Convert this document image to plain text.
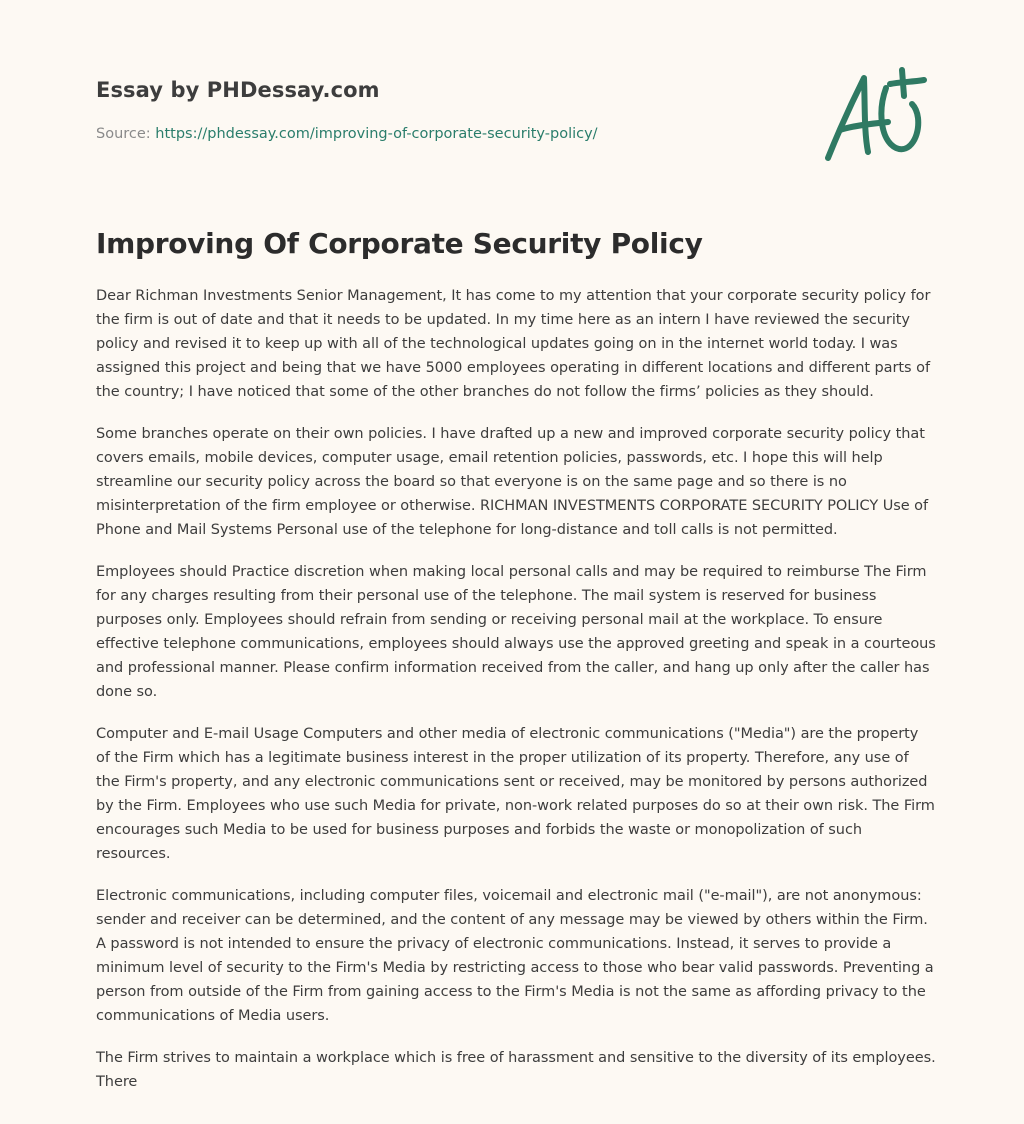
Essay by PHDessay.com
Source: https://phdessay.com/improving-of-corporate-security-policy/
Improving Of Corporate Security Policy

Dear Richman Investments Senior Management, It has come to my attention that your corporate security policy for the firm is out of date and that it needs to be updated. In my time here as an intern I have reviewed the security policy and revised it to keep up with all of the technological updates going on in the internet world today. I was assigned this project and being that we have 5000 employees operating in different locations and different parts of the country; I have noticed that some of the other branches do not follow the firms’ policies as they should.

Some branches operate on their own policies. I have drafted up a new and improved corporate security policy that covers emails, mobile devices, computer usage, email retention policies, passwords, etc. I hope this will help streamline our security policy across the board so that everyone is on the same page and so there is no misinterpretation of the firm employee or otherwise. RICHMAN INVESTMENTS CORPORATE SECURITY POLICY Use of Phone and Mail Systems Personal use of the telephone for long-distance and toll calls is not permitted.

Employees should Practice discretion when making local personal calls and may be required to reimburse The Firm for any charges resulting from their personal use of the telephone. The mail system is reserved for business purposes only. Employees should refrain from sending or receiving personal mail at the workplace. To ensure effective telephone communications, employees should always use the approved greeting and speak in a courteous and professional manner. Please confirm information received from the caller, and hang up only after the caller has done so.

Computer and E-mail Usage Computers and other media of electronic communications ("Media") are the property of the Firm which has a legitimate business interest in the proper utilization of its property. Therefore, any use of the Firm's property, and any electronic communications sent or received, may be monitored by persons authorized by the Firm. Employees who use such Media for private, non-work related purposes do so at their own risk. The Firm encourages such Media to be used for business purposes and forbids the waste or monopolization of such resources.

Electronic communications, including computer files, voicemail and electronic mail ("e-mail"), are not anonymous: sender and receiver can be determined, and the content of any message may be viewed by others within the Firm. A password is not intended to ensure the privacy of electronic communications. Instead, it serves to provide a minimum level of security to the Firm's Media by restricting access to those who bear valid passwords. Preventing a person from outside of the Firm from gaining access to the Firm's Media is not the same as affording privacy to the communications of Media users.

The Firm strives to maintain a workplace which is free of harassment and sensitive to the diversity of its employees. There
